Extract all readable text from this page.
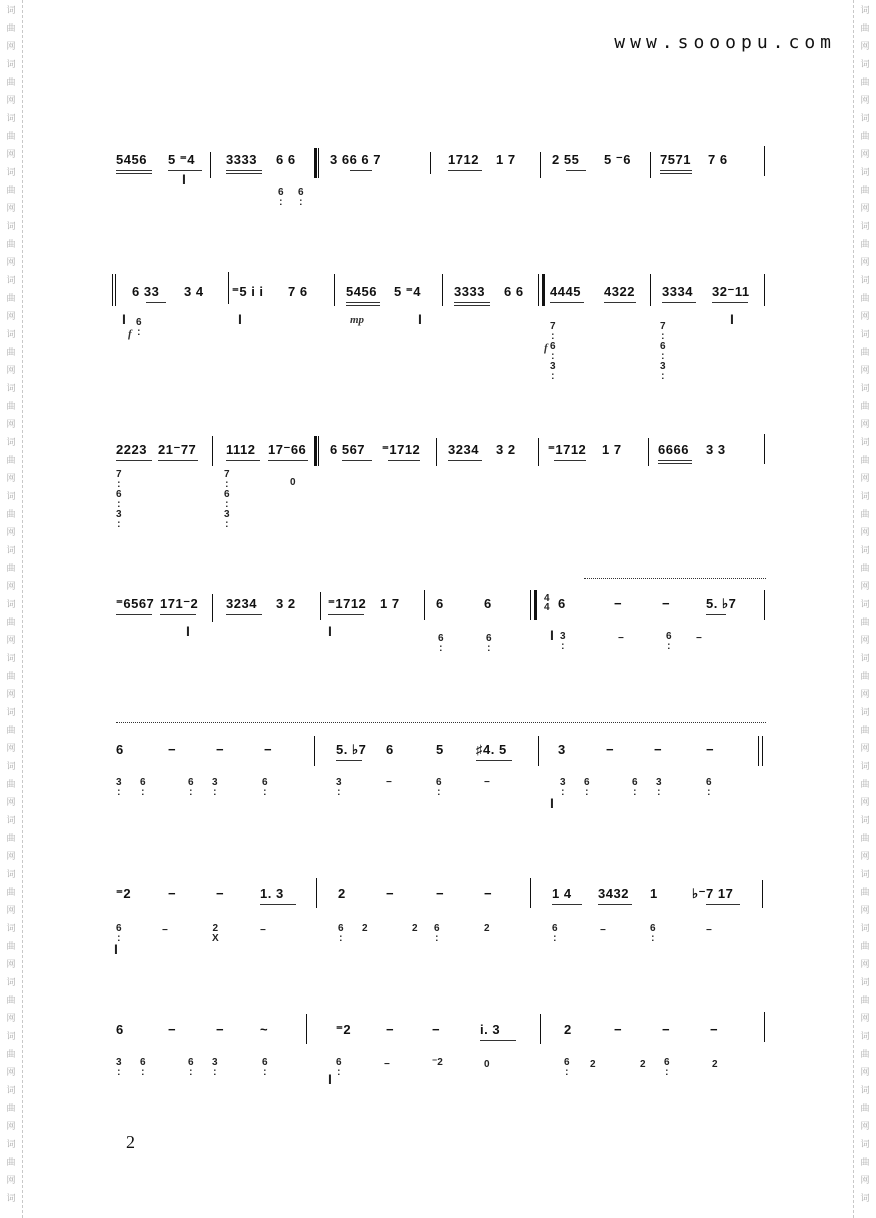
词
曲
网
词
曲
网
词
曲
网
词
曲
网
词
曲
网
词
曲
网
词
曲
网
词
曲
网
词
曲
网
词
曲
网
词
曲
网
词
曲
网
词
曲
网
词
曲
网
词
曲
网
词
曲
网
词
曲
网
词
曲
网
词
曲
网
词
曲
网
词
曲
网
词
曲
网
词
词
曲
网
词
曲
网
词
曲
网
词
曲
网
词
曲
网
词
曲
网
词
曲
网
词
曲
网
词
曲
网
词
曲
网
词
曲
网
词
曲
网
词
曲
网
词
曲
网
词
曲
网
词
曲
网
词
曲
网
词
曲
网
词
曲
网
词
曲
网
词
曲
网
词
曲
网
词
www.sooopu.com
5456 5 ⁼4
I
3333 6 6
6
:
6
:
3 66 6 7	1712 1 7	2 55 5 ⁻6 7571 7 6
6 33 3 4
I 6
:
f
⁼5 i i
I
7 6	5456
mp
5 ⁼4
I
3333 6 6 4445
7
:
6
:
3
:
f
4322 3334
7
:
6
:
3
:
32⁻11
I
2223
7
:
6
:
3
:
21⁻77 1112
7
:
6
:
3
:
17⁻66
0
6 567 ⁼1712 3234 3 2 ⁼1712 1 7	6666 3 3
⁼6567 171⁻2
I
3234 3 2 ⁼1712
I
1 7	6
6
:
6
6
:
4
4 6
I 3
:
−
−
−
6
:
−
5. ♭7
6	−	−	−
3
:
6
:
6
:
3
:
6
:
5. ♭7 6	5 ♯4. 5
3
:
−	6
:
−
3	−	−	−
I
3
:
6
:
6
:
3
:
6
:
⁼2	−	−	1. 3
6
:
I
−	2
X
−
2	−	−	−
6
:
2	2 6
:
2
1 4 3432 1	♭⁻7 17
6
:
−	6
:
−
6	−	−	~
3
:
6
:
6
:
3
:
6
:
⁼2	−	−	i. 3
6
:
I
−	⁻2	0
2	−	−	−
6
:
2	2 6
:
2
2
